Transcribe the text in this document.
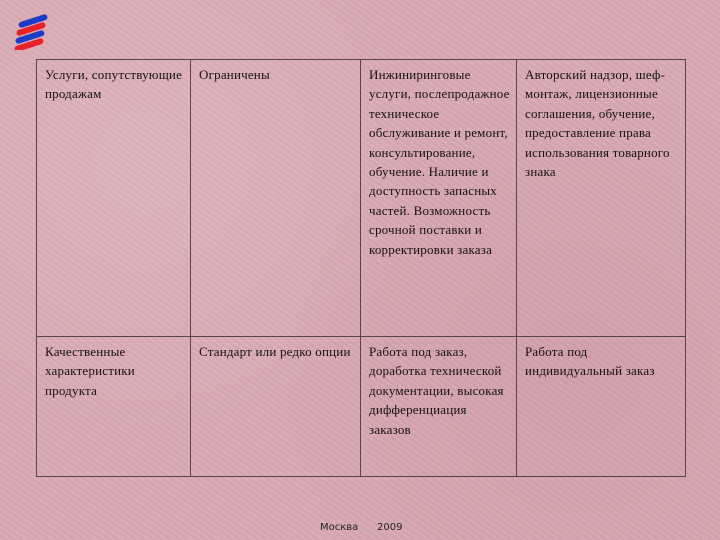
Услуги, сопутствующие продажам	Ограничены	Инжиниринговые услуги, послепродажное техническое обслуживание и ремонт, консультирование, обучение. Наличие и доступность запасных частей. Возможность срочной поставки и корректировки заказа	Авторский надзор, шеф-монтаж, лицензионные соглашения, обучение, предоставление права использования товарного знака
Качественные характеристики продукта	Стандарт или редко опции	Работа под заказ, доработка технической документации, высокая дифференциация заказов	Работа под индивидуальный заказ
Москва 2009
